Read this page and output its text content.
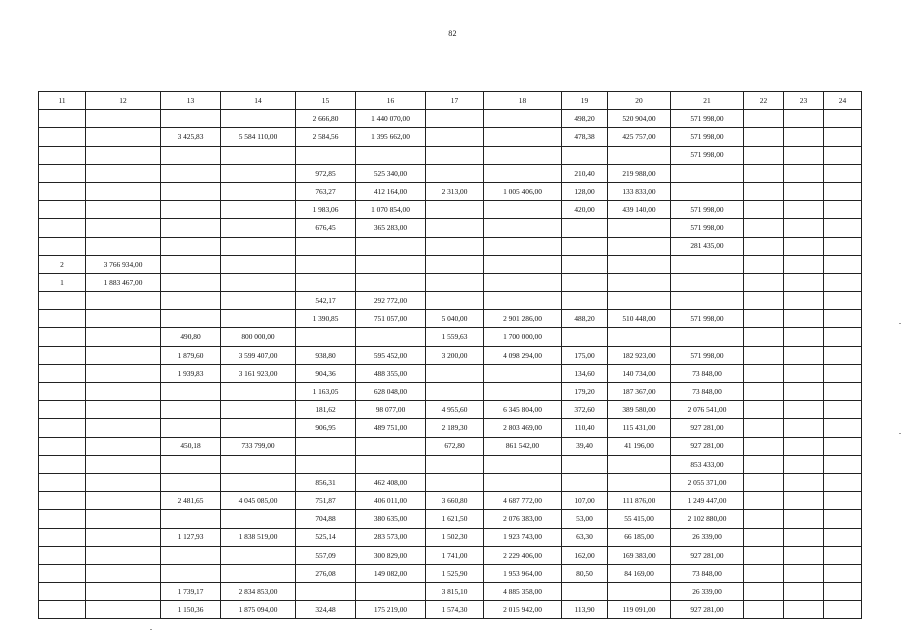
82
11	12	13	14	15	16	17	18	19	20	21	22	23	24
				2 666,80	1 440 070,00			498,20	520 904,00	571 998,00			
		3 425,83	5 584 110,00	2 584,56	1 395 662,00			478,38	425 757,00	571 998,00			
										571 998,00			
				972,85	525 340,00			210,40	219 988,00				
				763,27	412 164,00	2 313,00	1 005 406,00	128,00	133 833,00				
				1 983,06	1 070 854,00			420,00	439 140,00	571 998,00			
				676,45	365 283,00					571 998,00			
										281 435,00			
2	3 766 934,00												
1	1 883 467,00												
				542,17	292 772,00								
				1 390,85	751 057,00	5 040,00	2 901 286,00	488,20	510 448,00	571 998,00			
		490,80	800 000,00			1 559,63	1 700 000,00						
		1 879,60	3 599 407,00	938,80	595 452,00	3 200,00	4 098 294,00	175,00	182 923,00	571 998,00			
		1 939,83	3 161 923,00	904,36	488 355,00			134,60	140 734,00	73 848,00			
				1 163,05	628 048,00			179,20	187 367,00	73 848,00			
				181,62	98 077,00	4 955,60	6 345 804,00	372,60	389 580,00	2 076 541,00			
				906,95	489 751,00	2 189,30	2 803 469,00	110,40	115 431,00	927 281,00			
		450,18	733 799,00			672,80	861 542,00	39,40	41 196,00	927 281,00			
										853 433,00			
				856,31	462 408,00					2 055 371,00			
		2 481,65	4 045 085,00	751,87	406 011,00	3 660,80	4 687 772,00	107,00	111 876,00	1 249 447,00			
				704,88	380 635,00	1 621,50	2 076 383,00	53,00	55 415,00	2 102 880,00			
		1 127,93	1 838 519,00	525,14	283 573,00	1 502,30	1 923 743,00	63,30	66 185,00	26 339,00			
				557,09	300 829,00	1 741,00	2 229 406,00	162,00	169 383,00	927 281,00			
				276,08	149 082,00	1 525,90	1 953 964,00	80,50	84 169,00	73 848,00			
		1 739,17	2 834 853,00			3 815,10	4 885 358,00			26 339,00			
		1 150,36	1 875 094,00	324,48	175 219,00	1 574,30	2 015 942,00	113,90	119 091,00	927 281,00			
